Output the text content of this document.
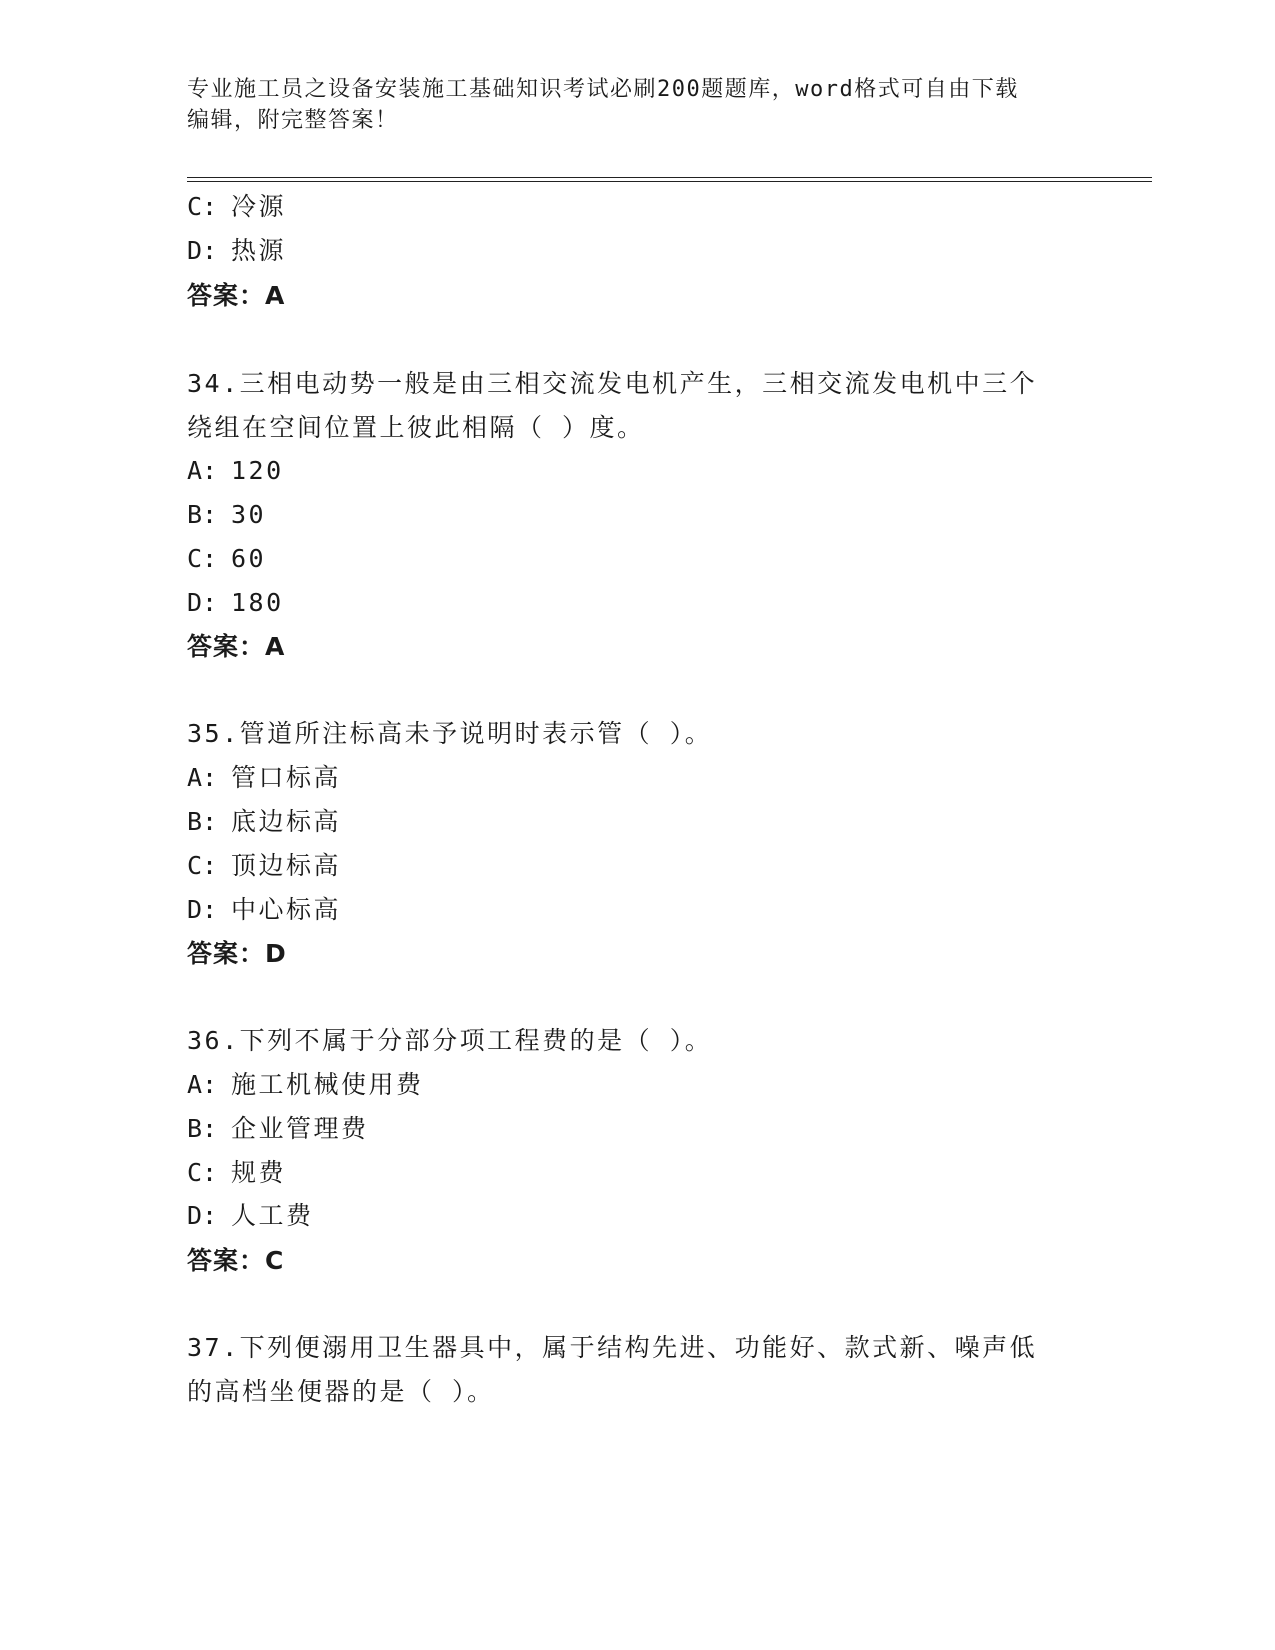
专业施工员之设备安装施工基础知识考试必刷200题题库，word格式可自由下载
编辑，附完整答案！
C: 冷源
D: 热源
答案：A
34.三相电动势一般是由三相交流发电机产生，三相交流发电机中三个
绕组在空间位置上彼此相隔（ ）度。
A: 120
B: 30
C: 60
D: 180
答案：A
35.管道所注标高未予说明时表示管（ ）。
A: 管口标高
B: 底边标高
C: 顶边标高
D: 中心标高
答案：D
36.下列不属于分部分项工程费的是（ ）。
A: 施工机械使用费
B: 企业管理费
C: 规费
D: 人工费
答案：C
37.下列便溺用卫生器具中，属于结构先进、功能好、款式新、噪声低
的高档坐便器的是（ ）。
